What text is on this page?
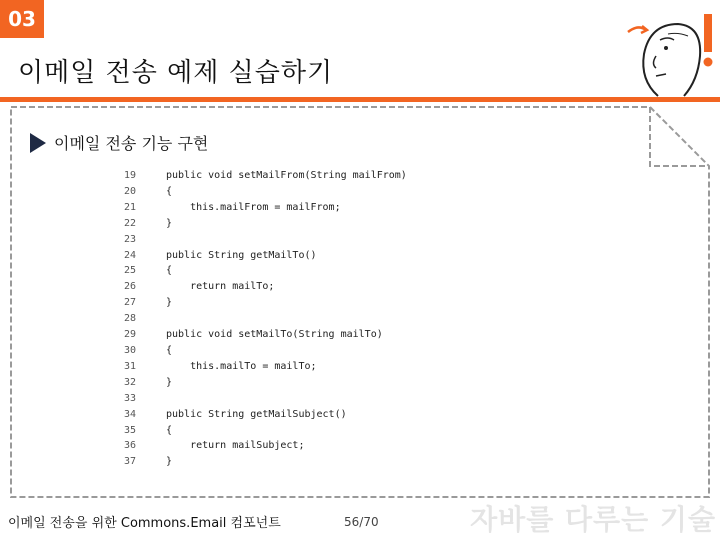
03
이메일 전송 예제 실습하기
이메일 전송 기능 구현
19	public void setMailFrom(String mailFrom)
20	{
21	this.mailFrom = mailFrom;
22	}
23
24	public String getMailTo()
25	{
26	return mailTo;
27	}
28
29	public void setMailTo(String mailTo)
30	{
31	this.mailTo = mailTo;
32	}
33
34	public String getMailSubject()
35	{
36	return mailSubject;
37	}
이메일 전송을 위한 Commons.Email 컴포넌트	56/70	자바를 다루는 기술
